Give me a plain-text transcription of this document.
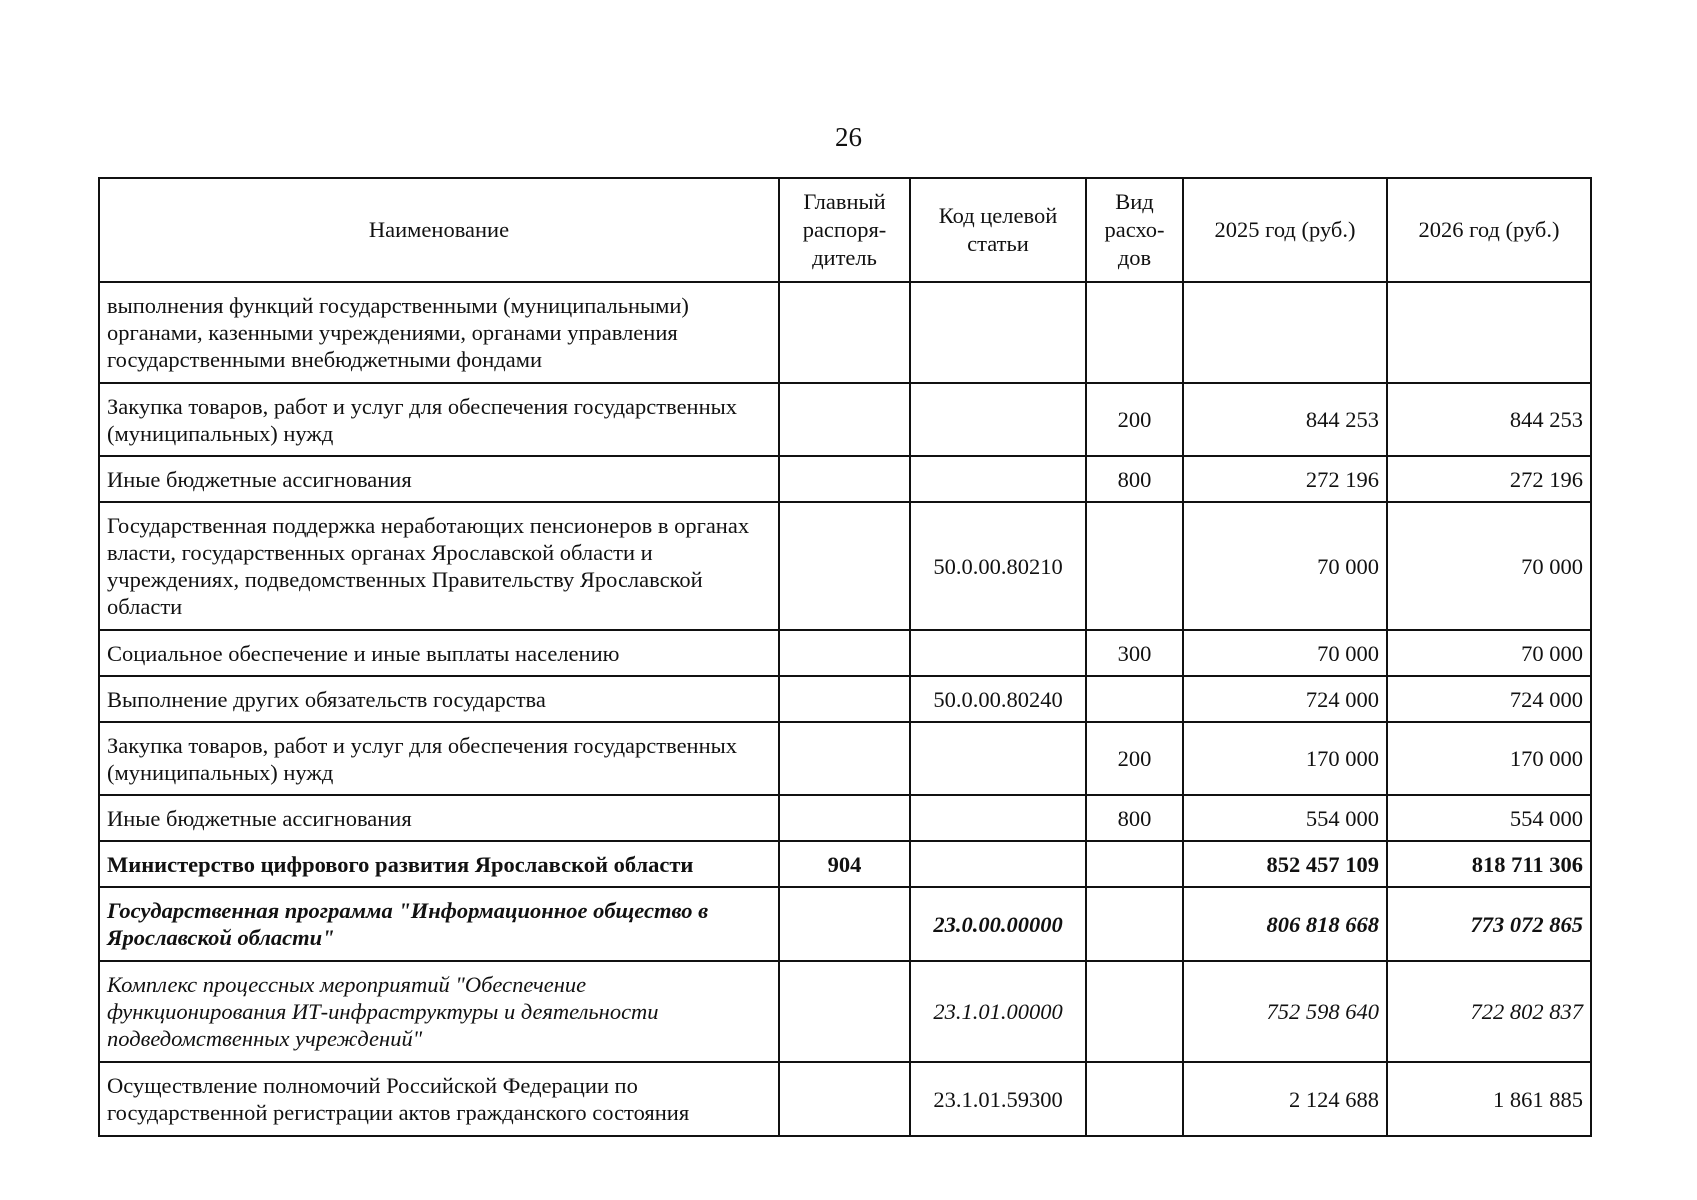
26
Наименование	Главный распоря-дитель	Код целевой статьи	Вид расхо-дов	2025 год (руб.)	2026 год (руб.)
выполнения функций государственными (муниципальными) органами, казенными учреждениями, органами управления государственными внебюджетными фондами					
Закупка товаров, работ и услуг для обеспечения государственных (муниципальных) нужд			200	844 253	844 253
Иные бюджетные ассигнования			800	272 196	272 196
Государственная поддержка неработающих пенсионеров в органах власти, государственных органах Ярославской области и учреждениях, подведомственных Правительству Ярославской области		50.0.00.80210		70 000	70 000
Социальное обеспечение и иные выплаты населению			300	70 000	70 000
Выполнение других обязательств государства		50.0.00.80240		724 000	724 000
Закупка товаров, работ и услуг для обеспечения государственных (муниципальных) нужд			200	170 000	170 000
Иные бюджетные ассигнования			800	554 000	554 000
Министерство цифрового развития Ярославской области	904			852 457 109	818 711 306
Государственная программа "Информационное общество в Ярославской области"		23.0.00.00000		806 818 668	773 072 865
Комплекс процессных мероприятий "Обеспечение функционирования ИТ-инфраструктуры и деятельности подведомственных учреждений"		23.1.01.00000		752 598 640	722 802 837
Осуществление полномочий Российской Федерации по государственной регистрации актов гражданского состояния		23.1.01.59300		2 124 688	1 861 885
